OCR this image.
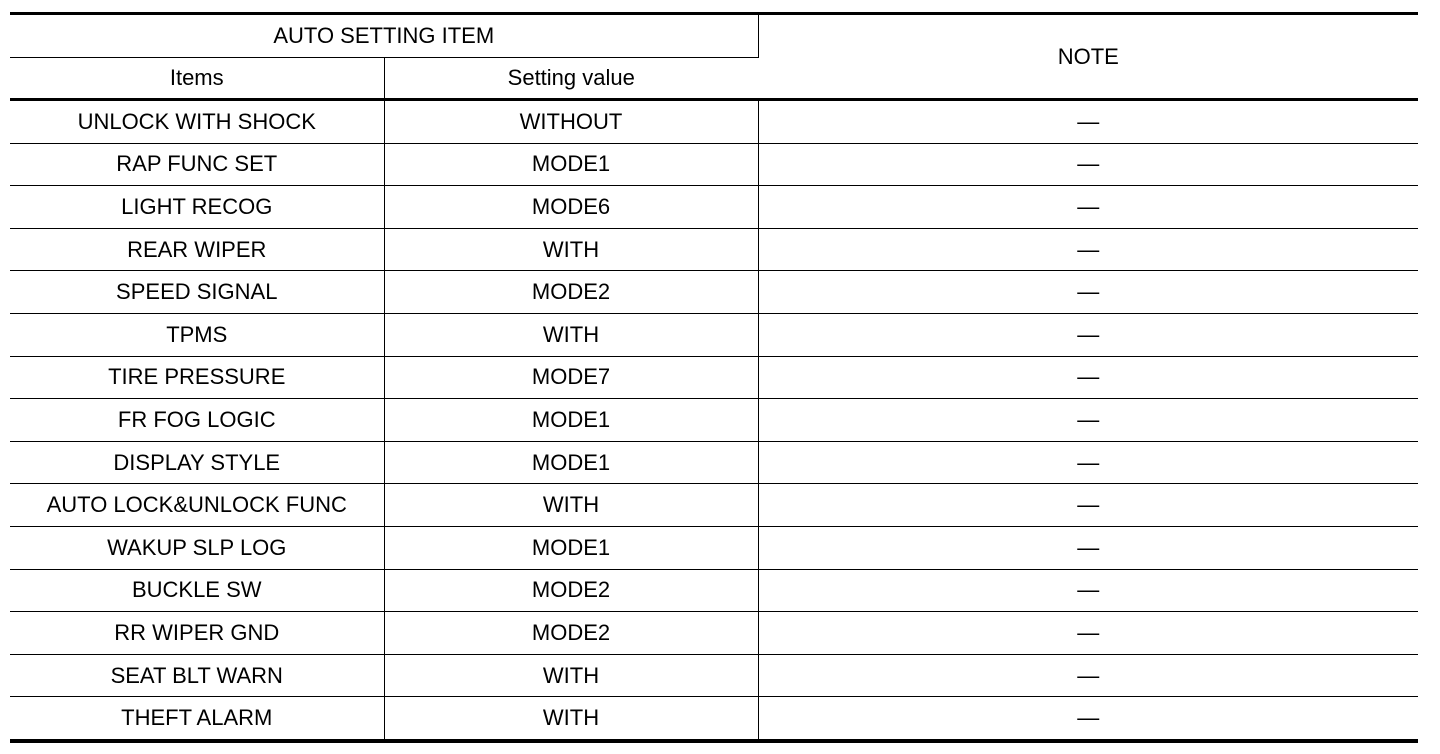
AUTO SETTING ITEM		NOTE
Items	Setting value	
UNLOCK WITH SHOCK	WITHOUT	—
RAP FUNC SET	MODE1	—
LIGHT RECOG	MODE6	—
REAR WIPER	WITH	—
SPEED SIGNAL	MODE2	—
TPMS	WITH	—
TIRE PRESSURE	MODE7	—
FR FOG LOGIC	MODE1	—
DISPLAY STYLE	MODE1	—
AUTO LOCK&UNLOCK FUNC	WITH	—
WAKUP SLP LOG	MODE1	—
BUCKLE SW	MODE2	—
RR WIPER GND	MODE2	—
SEAT BLT WARN	WITH	—
THEFT ALARM	WITH	—
